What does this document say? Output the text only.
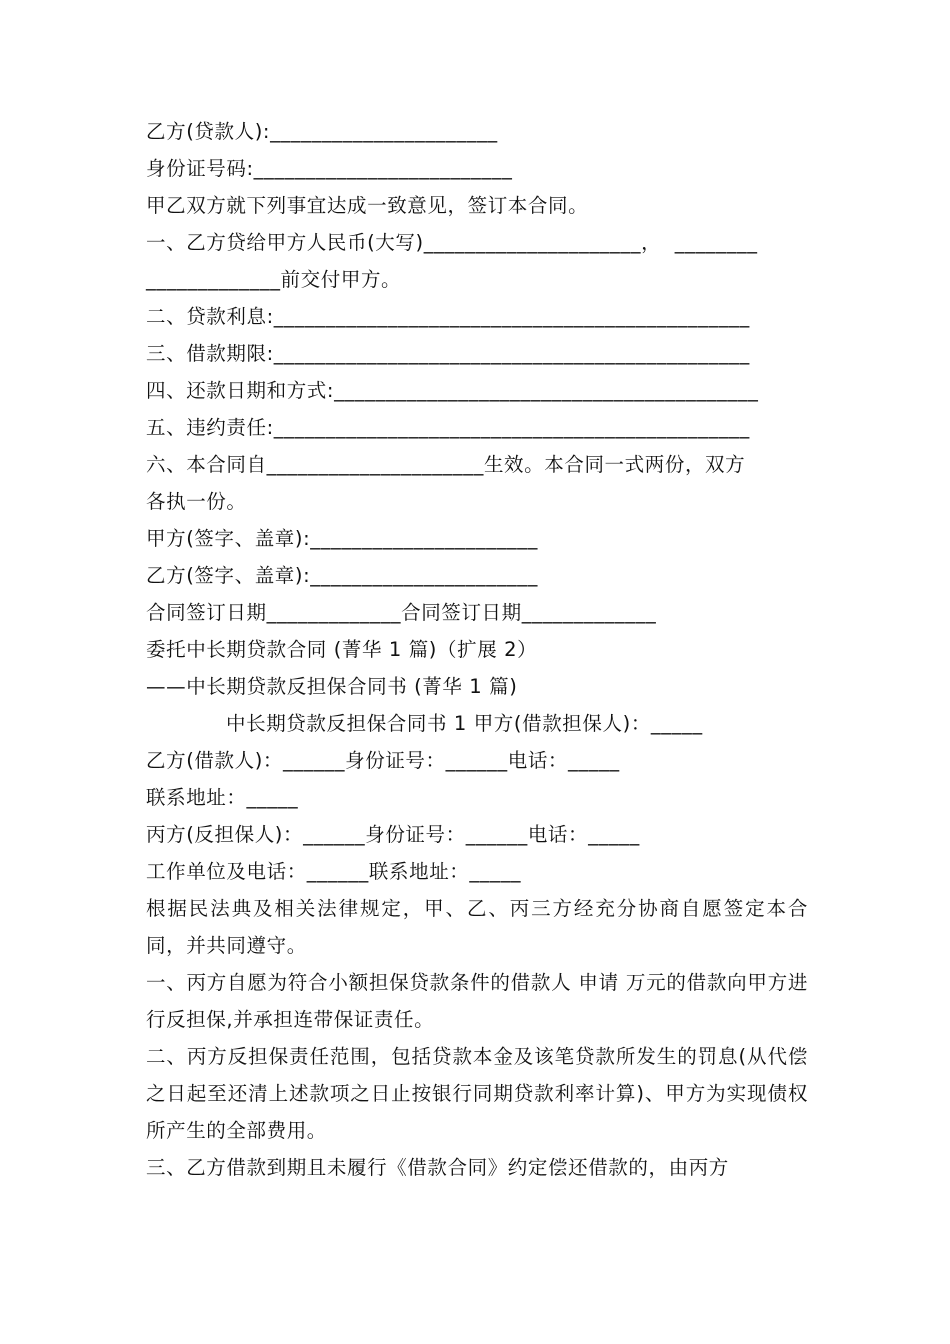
乙方(贷款人):______________________
身份证号码:_________________________
甲乙双方就下列事宜达成一致意见，签订本合同。
一、乙方贷给甲方人民币(大写)_____________________，  ________
_____________前交付甲方。
二、贷款利息:______________________________________________
三、借款期限:______________________________________________
四、还款日期和方式:_________________________________________
五、违约责任:______________________________________________
六、本合同自_____________________生效。本合同一式两份，双方
各执一份。
甲方(签字、盖章):______________________
乙方(签字、盖章):______________________
合同签订日期_____________合同签订日期_____________
委托中长期贷款合同 (菁华 1 篇)（扩展 2）
——中长期贷款反担保合同书 (菁华 1 篇)
中长期贷款反担保合同书 1 甲方(借款担保人)：_____
乙方(借款人)：______身份证号：______电话：_____
联系地址：_____
丙方(反担保人)：______身份证号：______电话：_____
工作单位及电话：______联系地址：_____
根据民法典及相关法律规定，甲、乙、丙三方经充分协商自愿签定本合同，并共同遵守。
一、丙方自愿为符合小额担保贷款条件的借款人 申请 万元的借款向甲方进行反担保,并承担连带保证责任。
二、丙方反担保责任范围，包括贷款本金及该笔贷款所发生的罚息(从代偿之日起至还清上述款项之日止按银行同期贷款利率计算)、甲方为实现债权所产生的全部费用。
三、乙方借款到期且未履行《借款合同》约定偿还借款的，由丙方
